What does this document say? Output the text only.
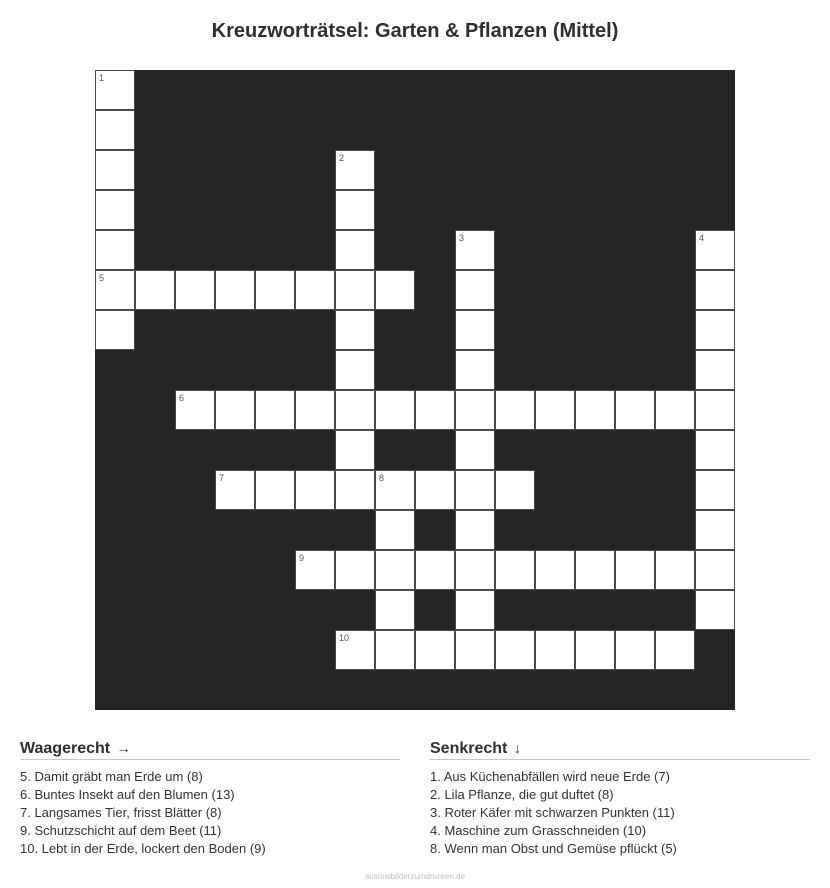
Kreuzworträtsel: Garten & Pflanzen (Mittel)
1
5
2
3	4
6
7	8
9
10
Waagerecht →
5. Damit gräbt man Erde um (8)
6. Buntes Insekt auf den Blumen (13)
7. Langsames Tier, frisst Blätter (8)
9. Schutzschicht auf dem Beet (11)
10. Lebt in der Erde, lockert den Boden (9)
Senkrecht ↓
1. Aus Küchenabfällen wird neue Erde (7)
2. Lila Pflanze, die gut duftet (8)
3. Roter Käfer mit schwarzen Punkten (11)
4. Maschine zum Grasschneiden (10)
8. Wenn man Obst und Gemüse pflückt (5)
ausmalbilderzumdrucken.de
